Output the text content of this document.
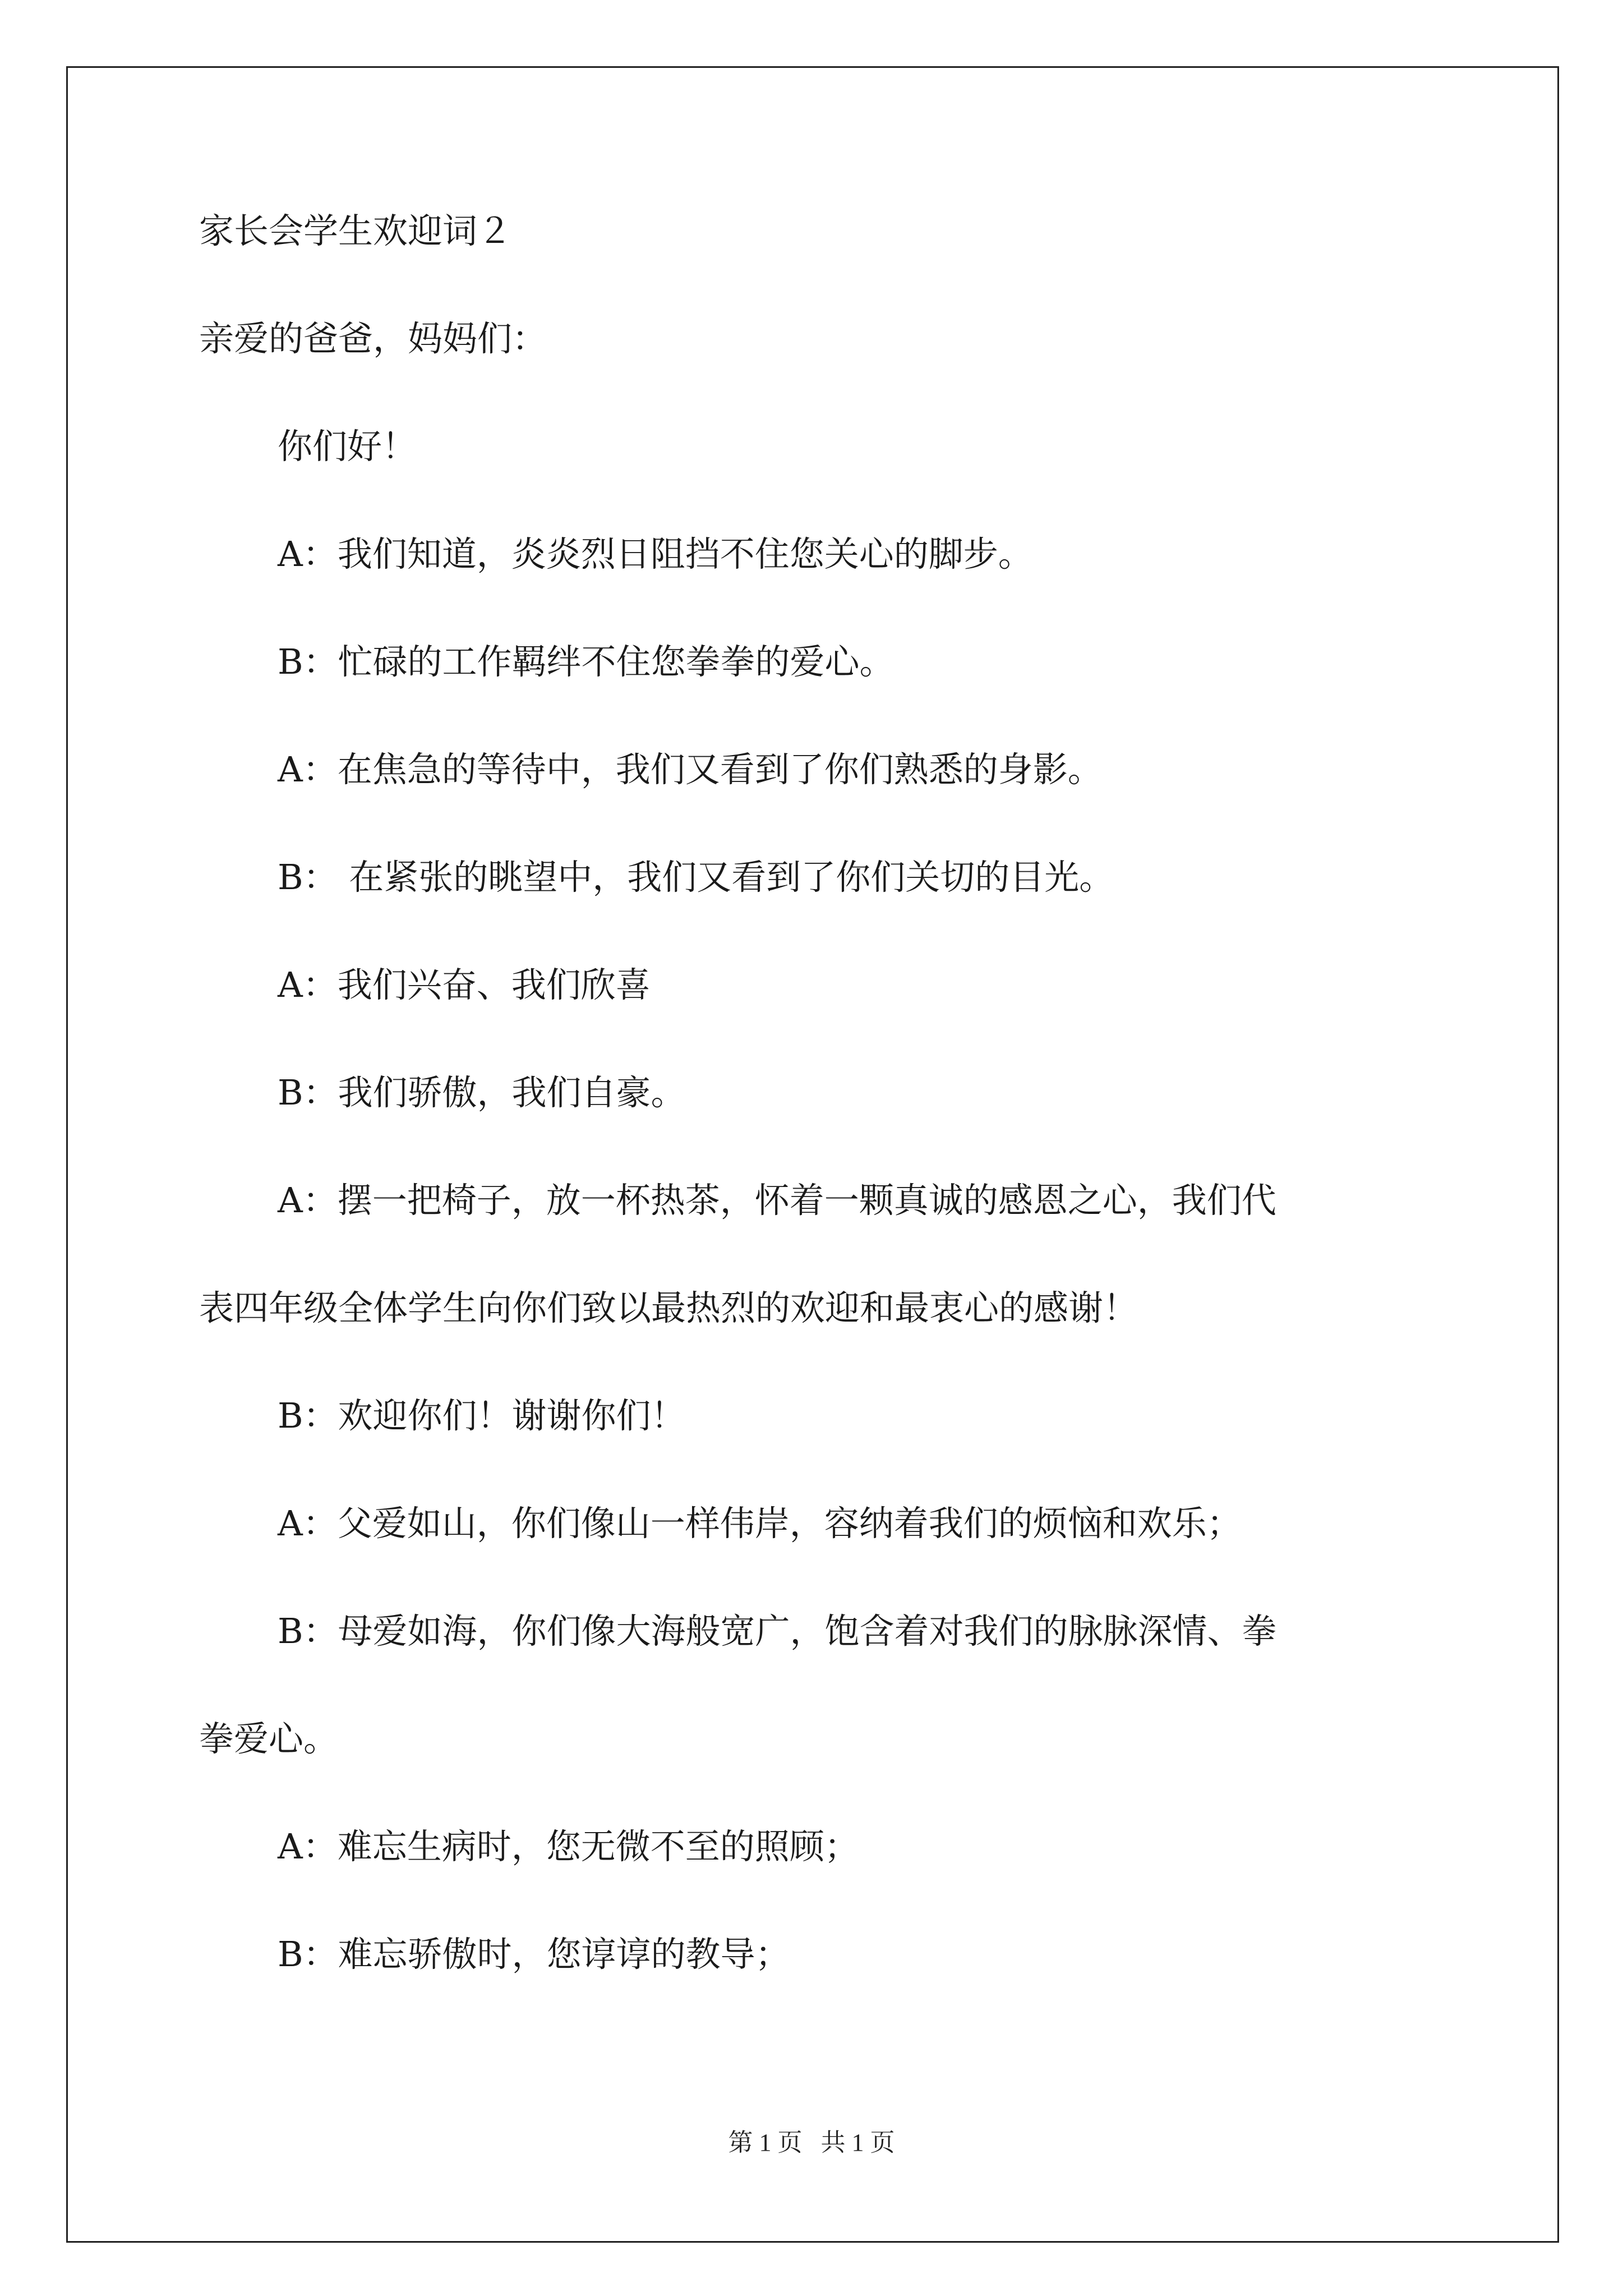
家长会学生欢迎词２
亲爱的爸爸，妈妈们：
你们好！
A：我们知道，炎炎烈日阻挡不住您关心的脚步。
B：忙碌的工作羁绊不住您拳拳的爱心。
A：在焦急的等待中，我们又看到了你们熟悉的身影。
B： 在紧张的眺望中，我们又看到了你们关切的目光。
A：我们兴奋、我们欣喜
B：我们骄傲，我们自豪。
A：摆一把椅子，放一杯热茶，怀着一颗真诚的感恩之心，我们代
表四年级全体学生向你们致以最热烈的欢迎和最衷心的感谢！
B：欢迎你们！谢谢你们！
A：父爱如山，你们像山一样伟岸，容纳着我们的烦恼和欢乐；
B：母爱如海，你们像大海般宽广，饱含着对我们的脉脉深情、拳
拳爱心。
A：难忘生病时，您无微不至的照顾；
B：难忘骄傲时，您谆谆的教导；
第 1 页 共 1 页
